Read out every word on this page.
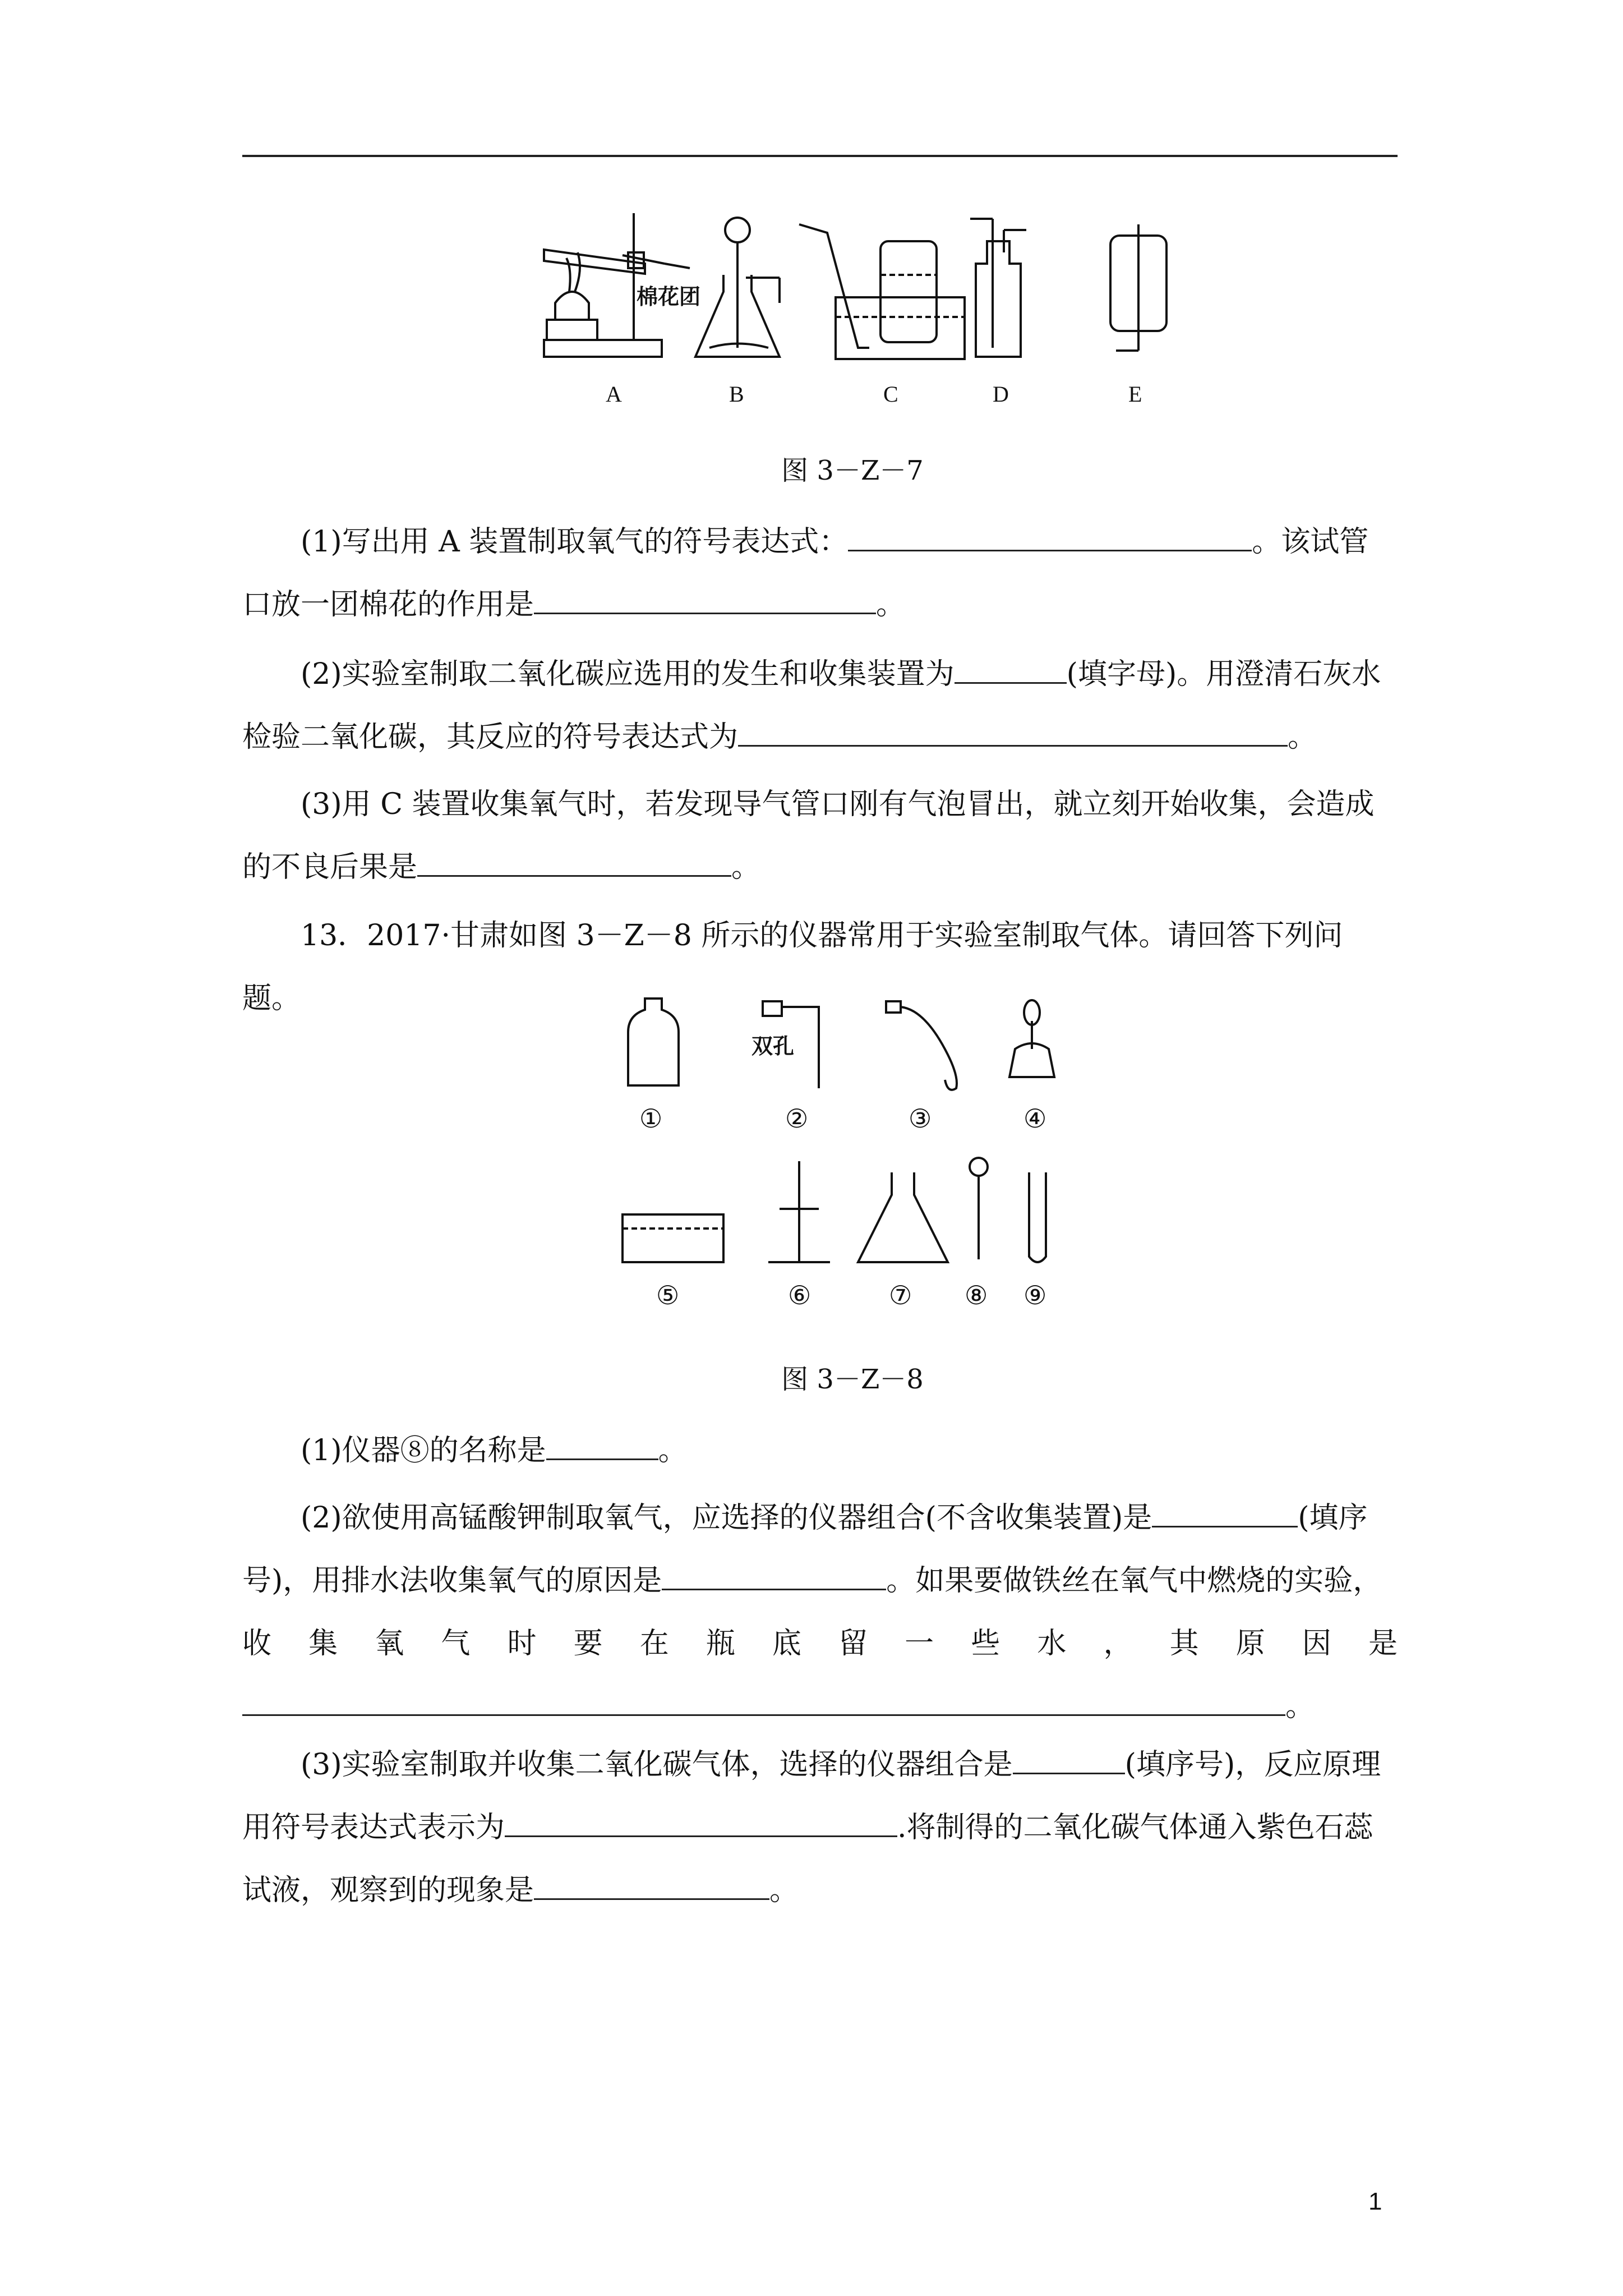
棉花团
A	B	C	D	E
图 3－Z－7

(1)写出用 A 装置制取氧气的符号表达式：	。该试管口放一团棉花的作用是	。

(2)实验室制取二氧化碳应选用的发生和收集装置为	(填字母)。用澄清石灰水检验二氧化碳，其反应的符号表达式为	。

(3)用 C 装置收集氧气时，若发现导气管口刚有气泡冒出，就立刻开始收集，会造成的不良后果是	。

13．2017·甘肃如图 3－Z－8 所示的仪器常用于实验室制取气体。请回答下列问题。

双孔
①	②	③	④
⑤	⑥	⑦ ⑧ ⑨
图 3－Z－8

(1)仪器⑧的名称是	。

(2)欲使用高锰酸钾制取氧气，应选择的仪器组合(不含收集装置)是	(填序号)，用排水法收集氧气的原因是	。如果要做铁丝在氧气中燃烧的实验，

收集氧气时要在瓶底留一些水，其原因是

。

(3)实验室制取并收集二氧化碳气体，选择的仪器组合是	(填序号)，反应原理用符号表达式表示为	.将制得的二氧化碳气体通入紫色石蕊试液，观察到的现象是	。

1
